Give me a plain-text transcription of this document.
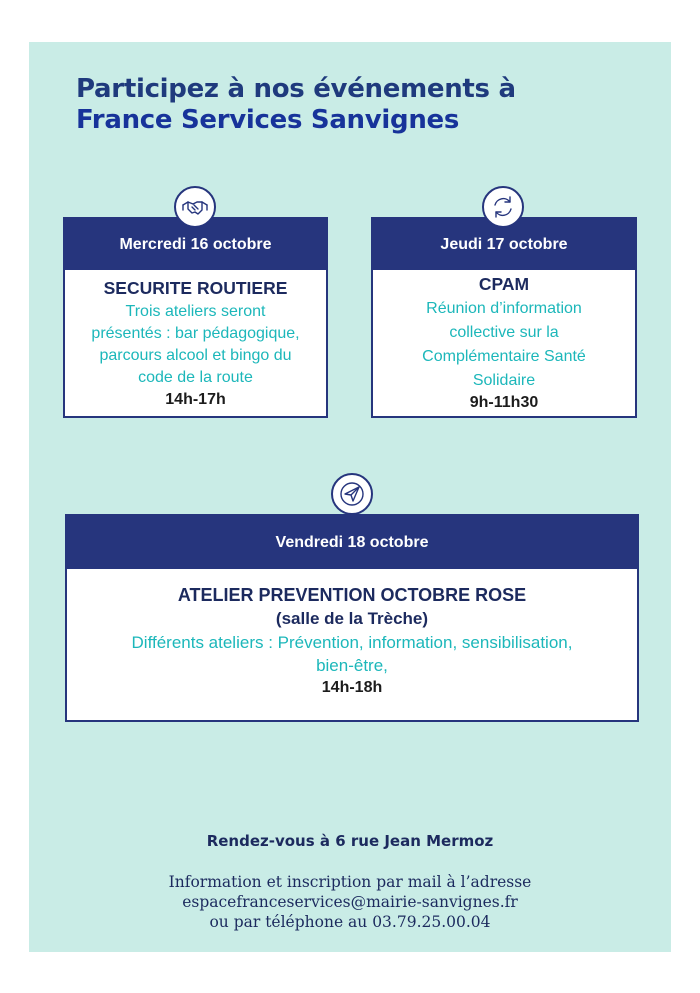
Participez à nos événements à
France Services Sanvignes
Mercredi 16 octobre

SECURITE ROUTIERE

Trois ateliers seront

présentés : bar pédagogique,

parcours alcool et bingo du

code de la route

14h-17h

Jeudi 17 octobre

CPAM

Réunion d’information

collective sur la

Complémentaire Santé

Solidaire

9h-11h30

Vendredi 18 octobre

ATELIER PREVENTION OCTOBRE ROSE

(salle de la Trèche)

Différents ateliers : Prévention, information, sensibilisation,

bien-être,

14h-18h

Rendez-vous à 6 rue Jean Mermoz
Information et inscription par mail à l’adresse
espacefranceservices@mairie-sanvignes.fr
ou par téléphone au 03.79.25.00.04
